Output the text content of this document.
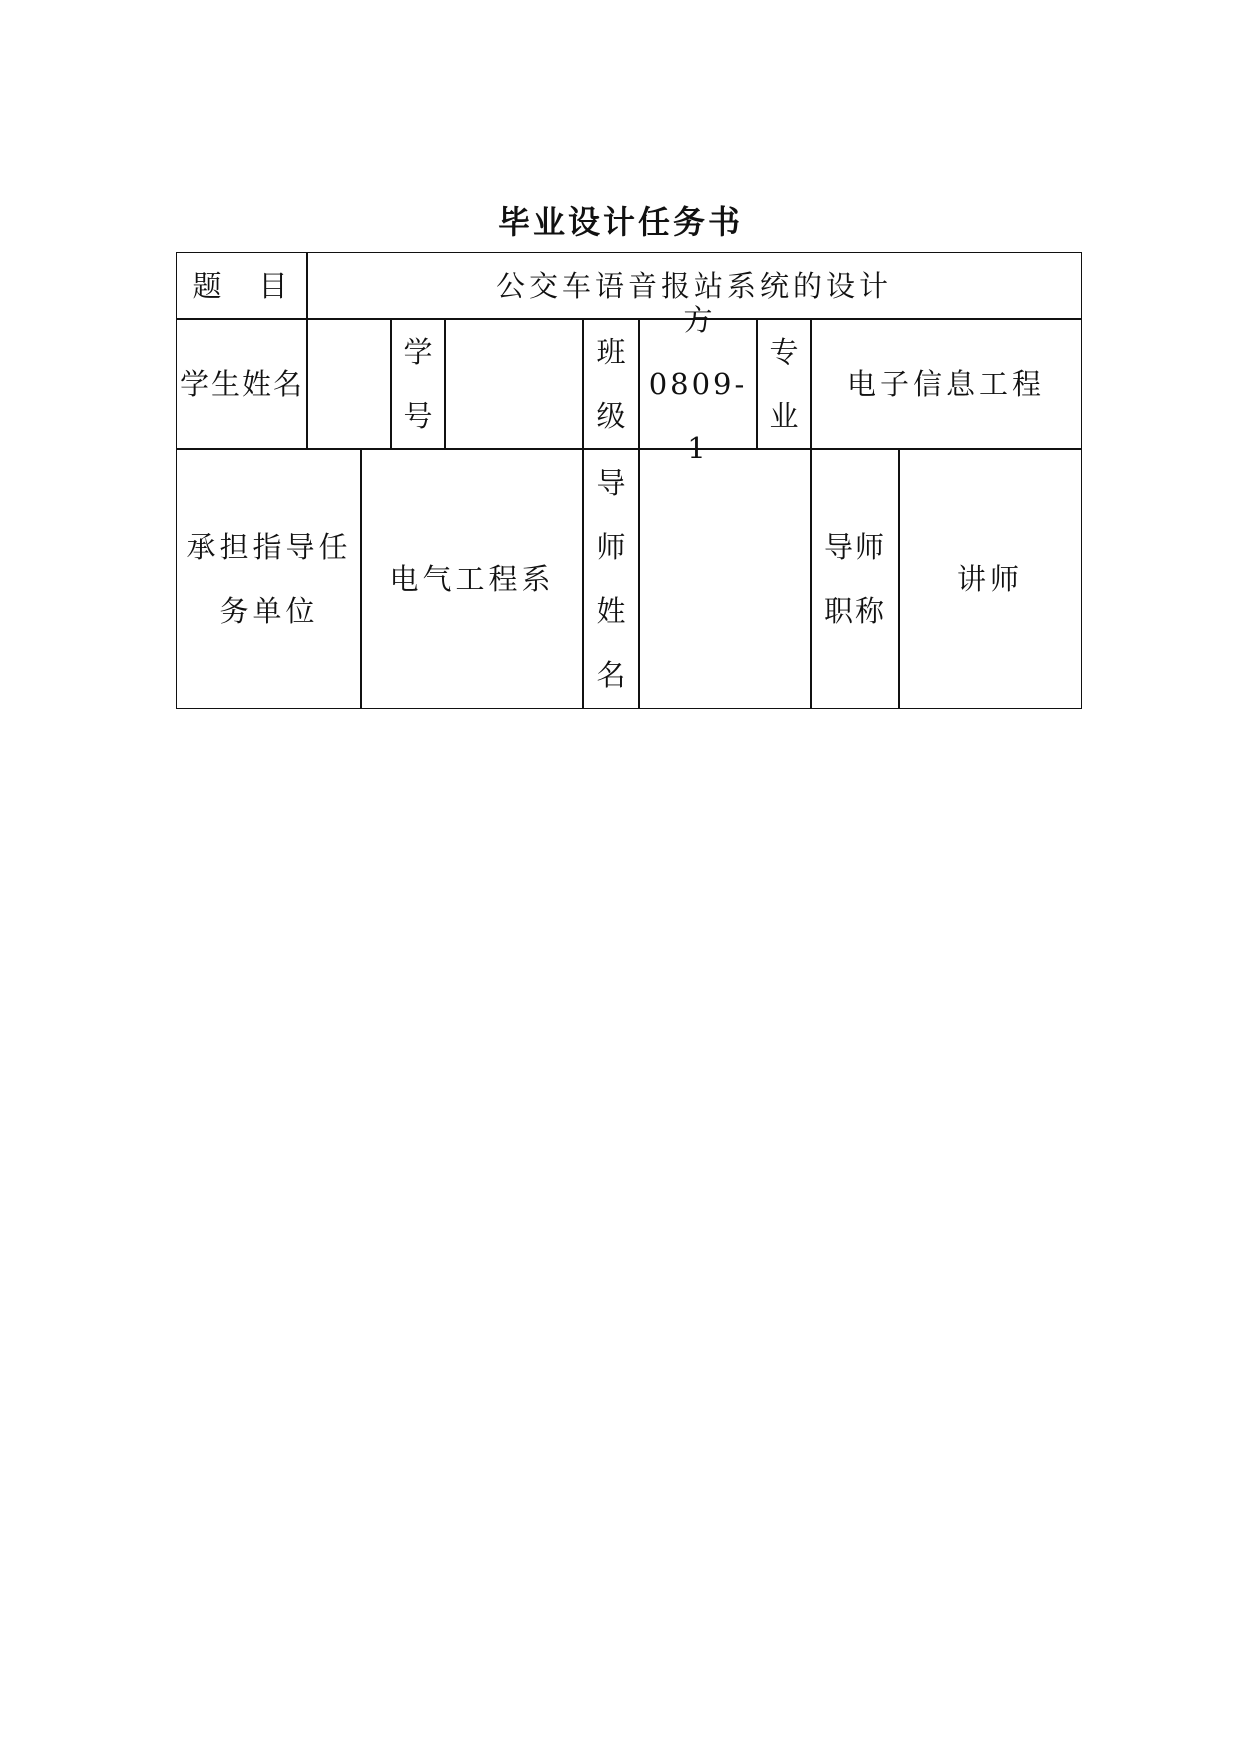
毕业设计任务书
题　目	公交车语音报站系统的设计
学生姓名
学
号
班
级
方
0809-1
专
业
电子信息工程
承担指导任
务单位
电气工程系
导
师
姓
名
导师
职称
讲师
